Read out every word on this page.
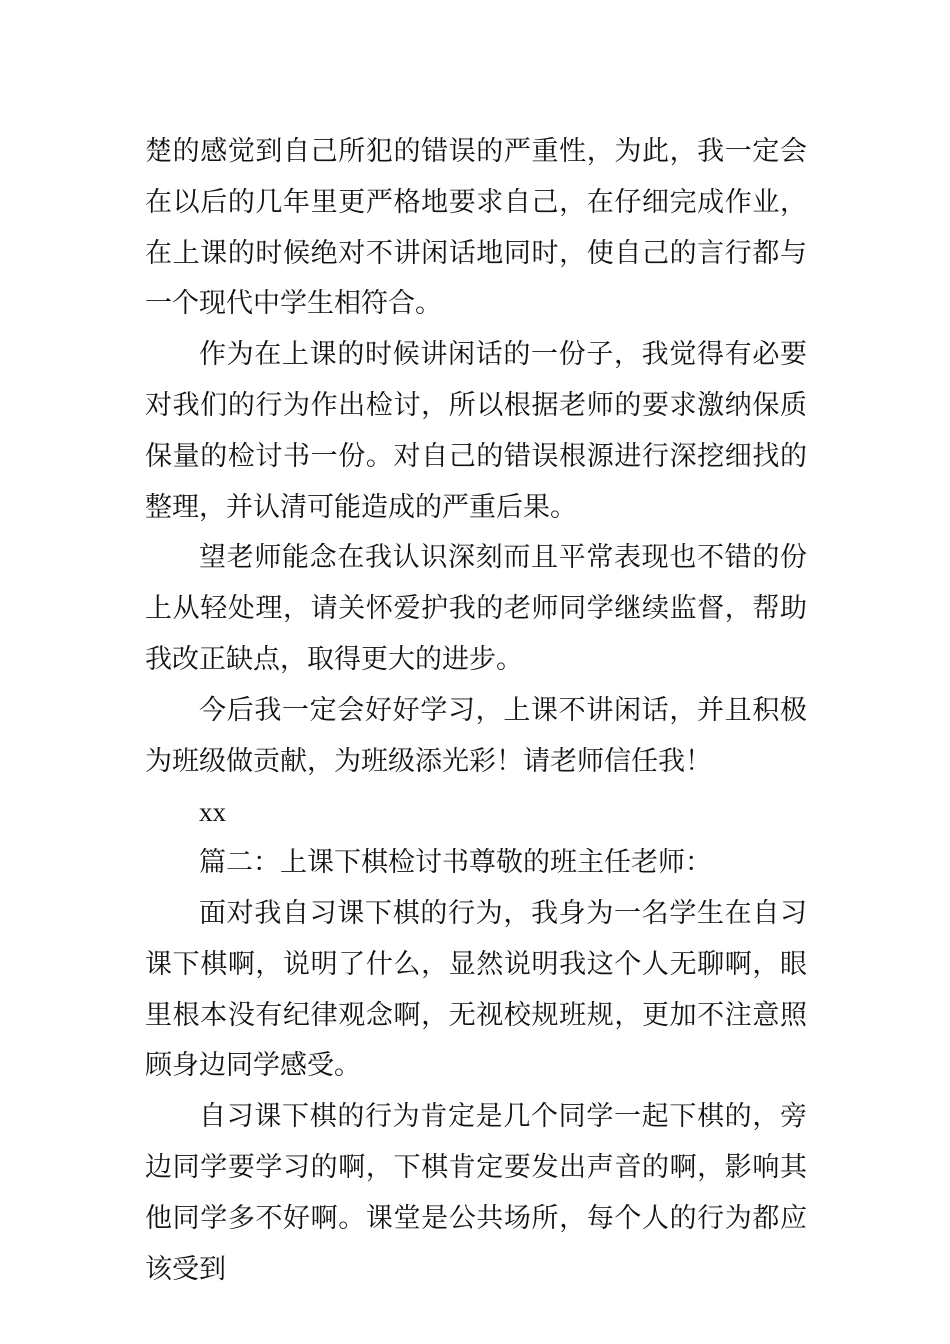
楚的感觉到自己所犯的错误的严重性，为此，我一定会在以后的几年里更严格地要求自己，在仔细完成作业，在上课的时候绝对不讲闲话地同时，使自己的言行都与一个现代中学生相符合。

作为在上课的时候讲闲话的一份子，我觉得有必要对我们的行为作出检讨，所以根据老师的要求激纳保质保量的检讨书一份。对自己的错误根源进行深挖细找的整理，并认清可能造成的严重后果。

望老师能念在我认识深刻而且平常表现也不错的份上从轻处理，请关怀爱护我的老师同学继续监督，帮助我改正缺点，取得更大的进步。

今后我一定会好好学习，上课不讲闲话，并且积极为班级做贡献，为班级添光彩！请老师信任我！

xx

篇二：上课下棋检讨书尊敬的班主任老师：

面对我自习课下棋的行为，我身为一名学生在自习课下棋啊，说明了什么，显然说明我这个人无聊啊，眼里根本没有纪律观念啊，无视校规班规，更加不注意照顾身边同学感受。

自习课下棋的行为肯定是几个同学一起下棋的，旁边同学要学习的啊，下棋肯定要发出声音的啊，影响其他同学多不好啊。课堂是公共场所，每个人的行为都应该受到
